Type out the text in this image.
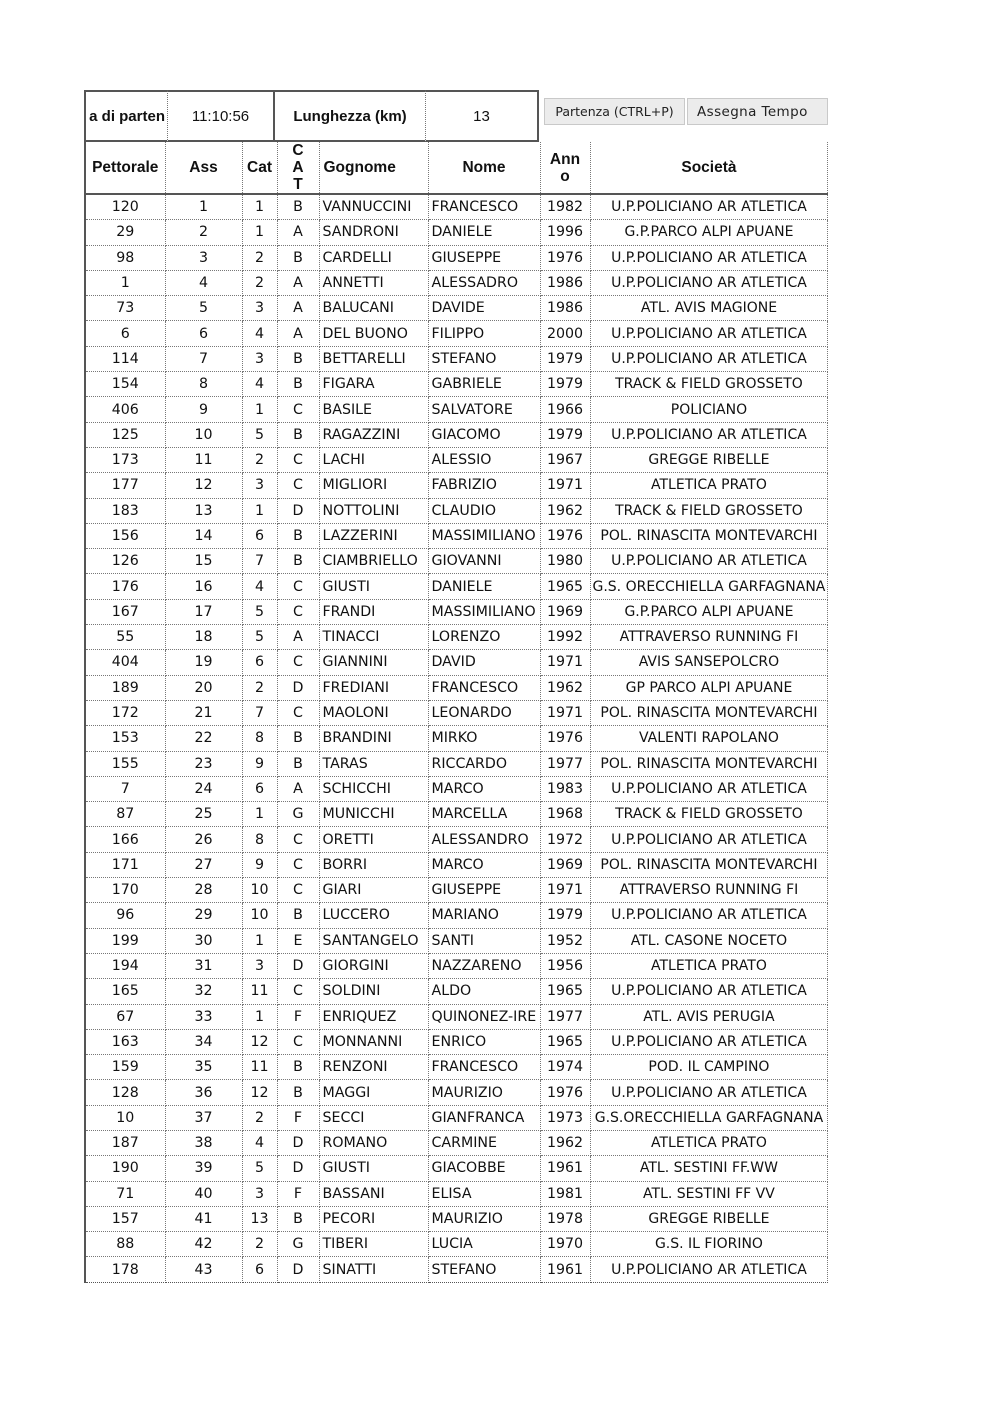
a di parten	11:10:56	Lunghezza (km)	13	Partenza (CTRL+P)	Assegna Tempo
Pettorale	Ass	Cat	CA T	Gognome	Nome	Ann o	Società
120	1	1	B	VANNUCCINI	FRANCESCO	1982	U.P.POLICIANO AR ATLETICA
29	2	1	A	SANDRONI	DANIELE	1996	G.P.PARCO ALPI APUANE
98	3	2	B	CARDELLI	GIUSEPPE	1976	U.P.POLICIANO AR ATLETICA
1	4	2	A	ANNETTI	ALESSADRO	1986	U.P.POLICIANO AR ATLETICA
73	5	3	A	BALUCANI	DAVIDE	1986	ATL. AVIS MAGIONE
6	6	4	A	DEL BUONO	FILIPPO	2000	U.P.POLICIANO AR ATLETICA
114	7	3	B	BETTARELLI	STEFANO	1979	U.P.POLICIANO AR ATLETICA
154	8	4	B	FIGARA	GABRIELE	1979	TRACK & FIELD GROSSETO
406	9	1	C	BASILE	SALVATORE	1966	POLICIANO
125	10	5	B	RAGAZZINI	GIACOMO	1979	U.P.POLICIANO AR ATLETICA
173	11	2	C	LACHI	ALESSIO	1967	GREGGE RIBELLE
177	12	3	C	MIGLIORI	FABRIZIO	1971	ATLETICA PRATO
183	13	1	D	NOTTOLINI	CLAUDIO	1962	TRACK & FIELD GROSSETO
156	14	6	B	LAZZERINI	MASSIMILIANO	1976	POL. RINASCITA MONTEVARCHI
126	15	7	B	CIAMBRIELLO	GIOVANNI	1980	U.P.POLICIANO AR ATLETICA
176	16	4	C	GIUSTI	DANIELE	1965	G.S. ORECCHIELLA GARFAGNANA
167	17	5	C	FRANDI	MASSIMILIANO	1969	G.P.PARCO ALPI APUANE
55	18	5	A	TINACCI	LORENZO	1992	ATTRAVERSO RUNNING FI
404	19	6	C	GIANNINI	DAVID	1971	AVIS SANSEPOLCRO
189	20	2	D	FREDIANI	FRANCESCO	1962	GP PARCO ALPI APUANE
172	21	7	C	MAOLONI	LEONARDO	1971	POL. RINASCITA MONTEVARCHI
153	22	8	B	BRANDINI	MIRKO	1976	VALENTI RAPOLANO
155	23	9	B	TARAS	RICCARDO	1977	POL. RINASCITA MONTEVARCHI
7	24	6	A	SCHICCHI	MARCO	1983	U.P.POLICIANO AR ATLETICA
87	25	1	G	MUNICCHI	MARCELLA	1968	TRACK & FIELD GROSSETO
166	26	8	C	ORETTI	ALESSANDRO	1972	U.P.POLICIANO AR ATLETICA
171	27	9	C	BORRI	MARCO	1969	POL. RINASCITA MONTEVARCHI
170	28	10	C	GIARI	GIUSEPPE	1971	ATTRAVERSO RUNNING FI
96	29	10	B	LUCCERO	MARIANO	1979	U.P.POLICIANO AR ATLETICA
199	30	1	E	SANTANGELO	SANTI	1952	ATL. CASONE NOCETO
194	31	3	D	GIORGINI	NAZZARENO	1956	ATLETICA PRATO
165	32	11	C	SOLDINI	ALDO	1965	U.P.POLICIANO AR ATLETICA
67	33	1	F	ENRIQUEZ	QUINONEZ-IRE	1977	ATL. AVIS PERUGIA
163	34	12	C	MONNANNI	ENRICO	1965	U.P.POLICIANO AR ATLETICA
159	35	11	B	RENZONI	FRANCESCO	1974	POD. IL CAMPINO
128	36	12	B	MAGGI	MAURIZIO	1976	U.P.POLICIANO AR ATLETICA
10	37	2	F	SECCI	GIANFRANCA	1973	G.S.ORECCHIELLA GARFAGNANA
187	38	4	D	ROMANO	CARMINE	1962	ATLETICA PRATO
190	39	5	D	GIUSTI	GIACOBBE	1961	ATL. SESTINI FF.WW
71	40	3	F	BASSANI	ELISA	1981	ATL. SESTINI FF VV
157	41	13	B	PECORI	MAURIZIO	1978	GREGGE RIBELLE
88	42	2	G	TIBERI	LUCIA	1970	G.S. IL FIORINO
178	43	6	D	SINATTI	STEFANO	1961	U.P.POLICIANO AR ATLETICA
